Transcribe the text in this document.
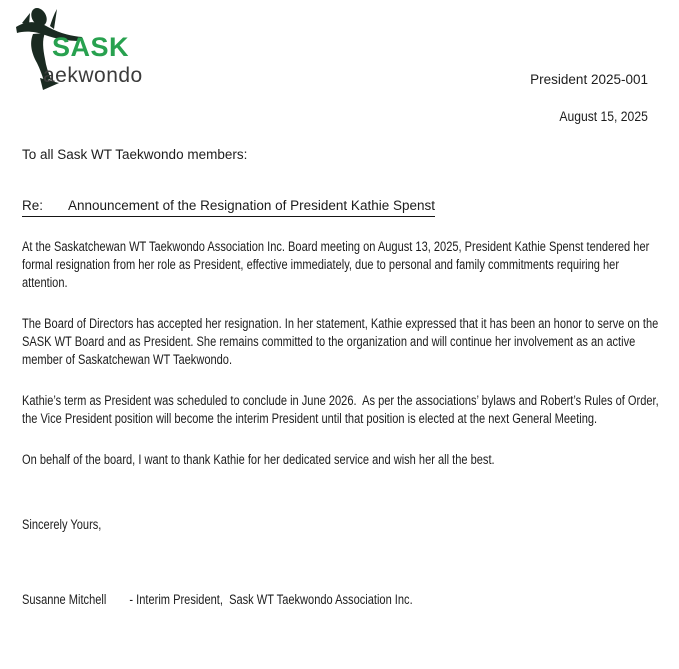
SASK
aekwondo	President 2025-001
August 15, 2025
To all Sask WT Taekwondo members:
Re: Announcement of the Resignation of President Kathie Spenst

At the Saskatchewan WT Taekwondo Association Inc. Board meeting on August 13, 2025, President Kathie Spenst tendered her formal resignation from her role as President, effective immediately, due to personal and family commitments requiring her attention.

The Board of Directors has accepted her resignation. In her statement, Kathie expressed that it has been an honor to serve on the SASK WT Board and as President. She remains committed to the organization and will continue her involvement as an active member of Saskatchewan WT Taekwondo.

Kathie’s term as President was scheduled to conclude in June 2026.  As per the associations’ bylaws and Robert’s Rules of Order, the Vice President position will become the interim President until that position is elected at the next General Meeting.

On behalf of the board, I want to thank Kathie for her dedicated service and wish her all the best.

Sincerely Yours,
Susanne Mitchell	- Interim President,  Sask WT Taekwondo Association Inc.
